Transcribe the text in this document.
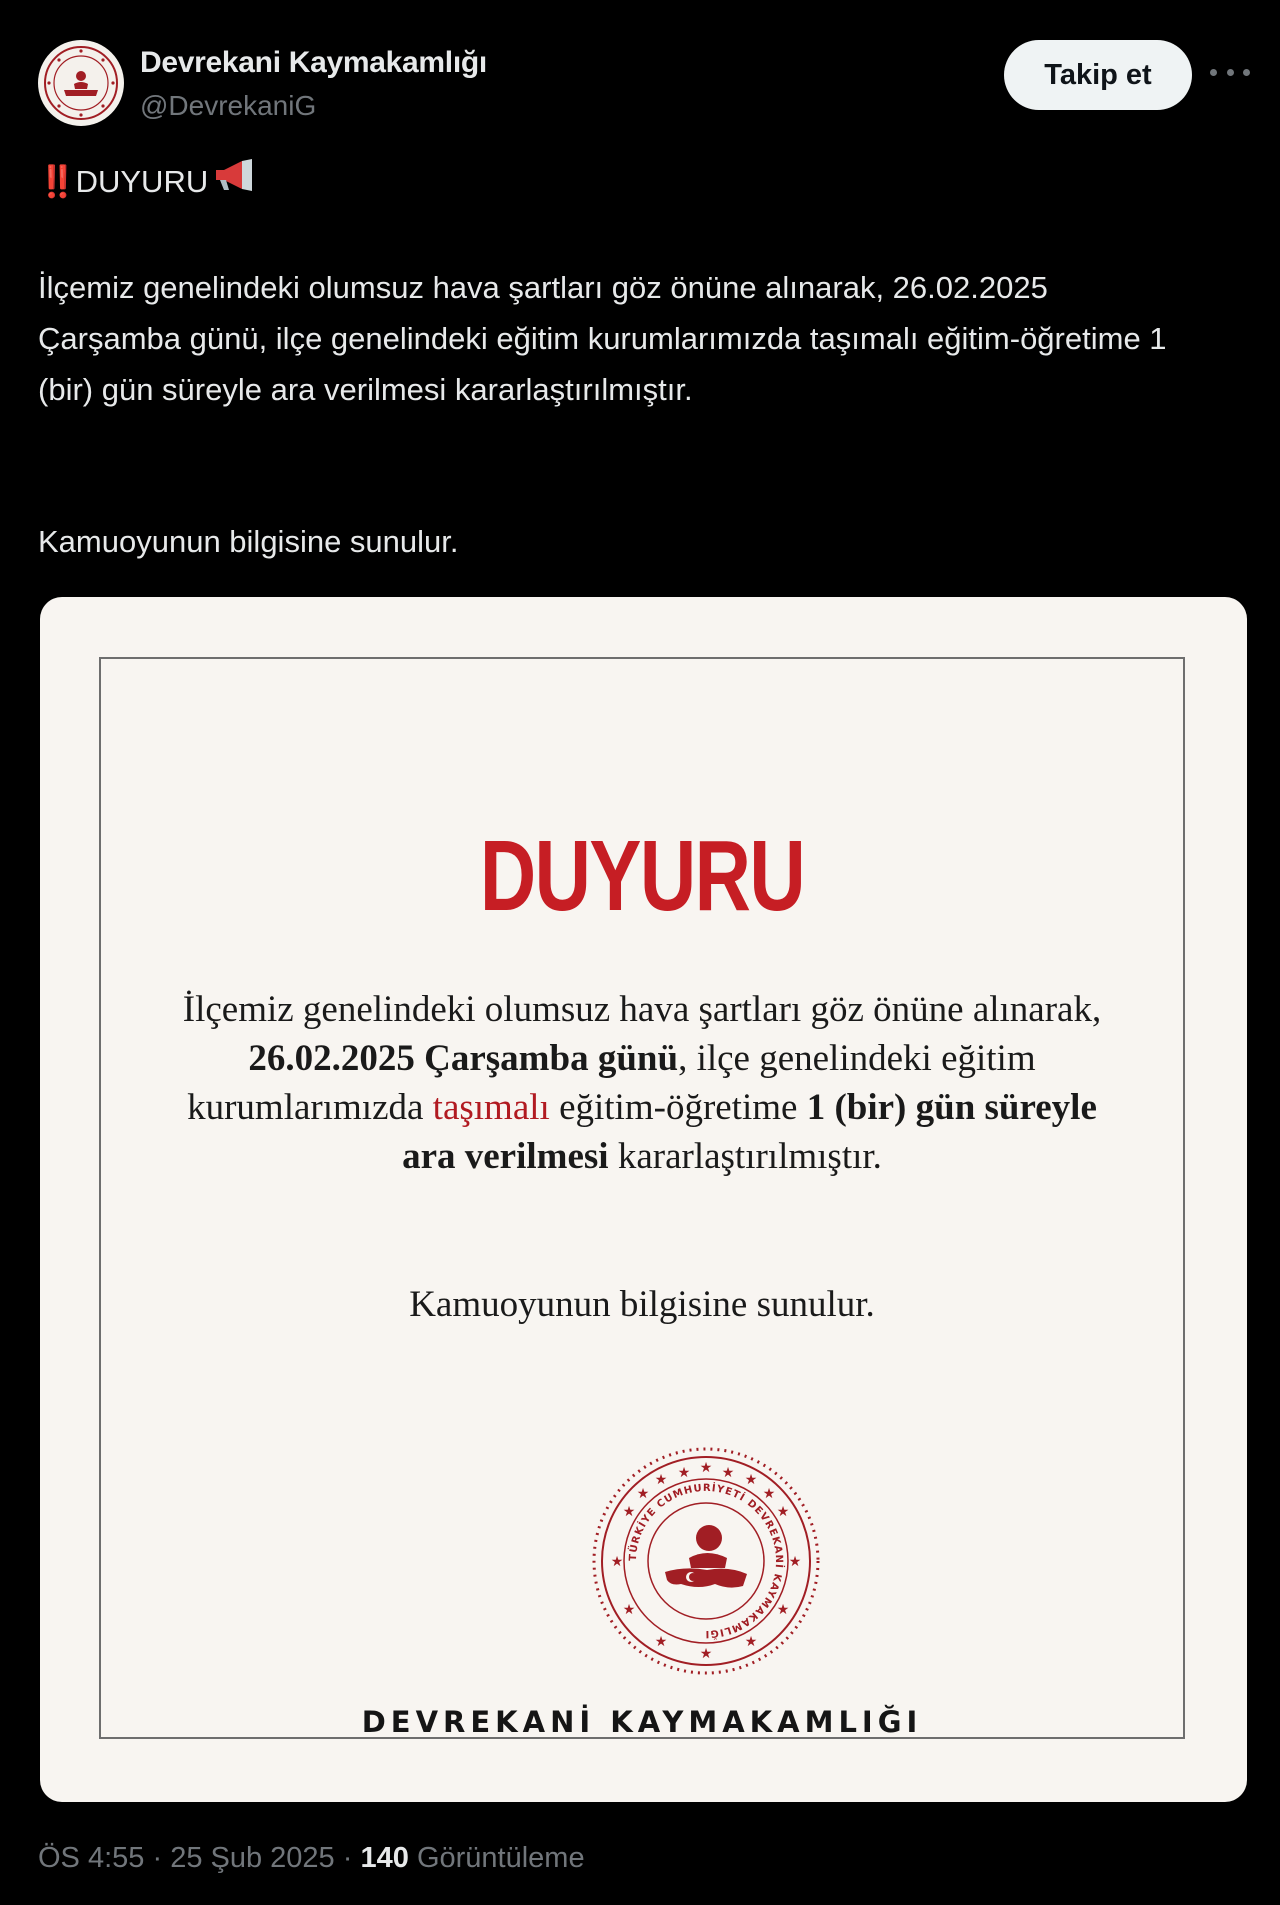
Devrekani Kaymakamlığı
@DevrekaniG
Takip et
‼️ DUYURU

İlçemiz genelindeki olumsuz hava şartları göz önüne alınarak, 26.02.2025 Çarşamba günü, ilçe genelindeki eğitim kurumlarımızda taşımalı eğitim-öğretime 1 (bir) gün süreyle ara verilmesi kararlaştırılmıştır.

Kamuoyunun bilgisine sunulur.
DUYURU
İlçemiz genelindeki olumsuz hava şartları göz önüne alınarak, 26.02.2025 Çarşamba günü, ilçe genelindeki eğitim kurumlarımızda taşımalı eğitim-öğretime 1 (bir) gün süreyle ara verilmesi kararlaştırılmıştır.
Kamuoyunun bilgisine sunulur.
★
★
★
★
★
★
★
★
★
★
★
★	★
★
★
★
TÜRKİYE CUMHURİYETİ DEVREKANİ KAYMAKAMLIĞI
DEVREKANİ KAYMAKAMLIĞI
ÖS 4:55 · 25 Şub 2025 · 140 Görüntüleme
